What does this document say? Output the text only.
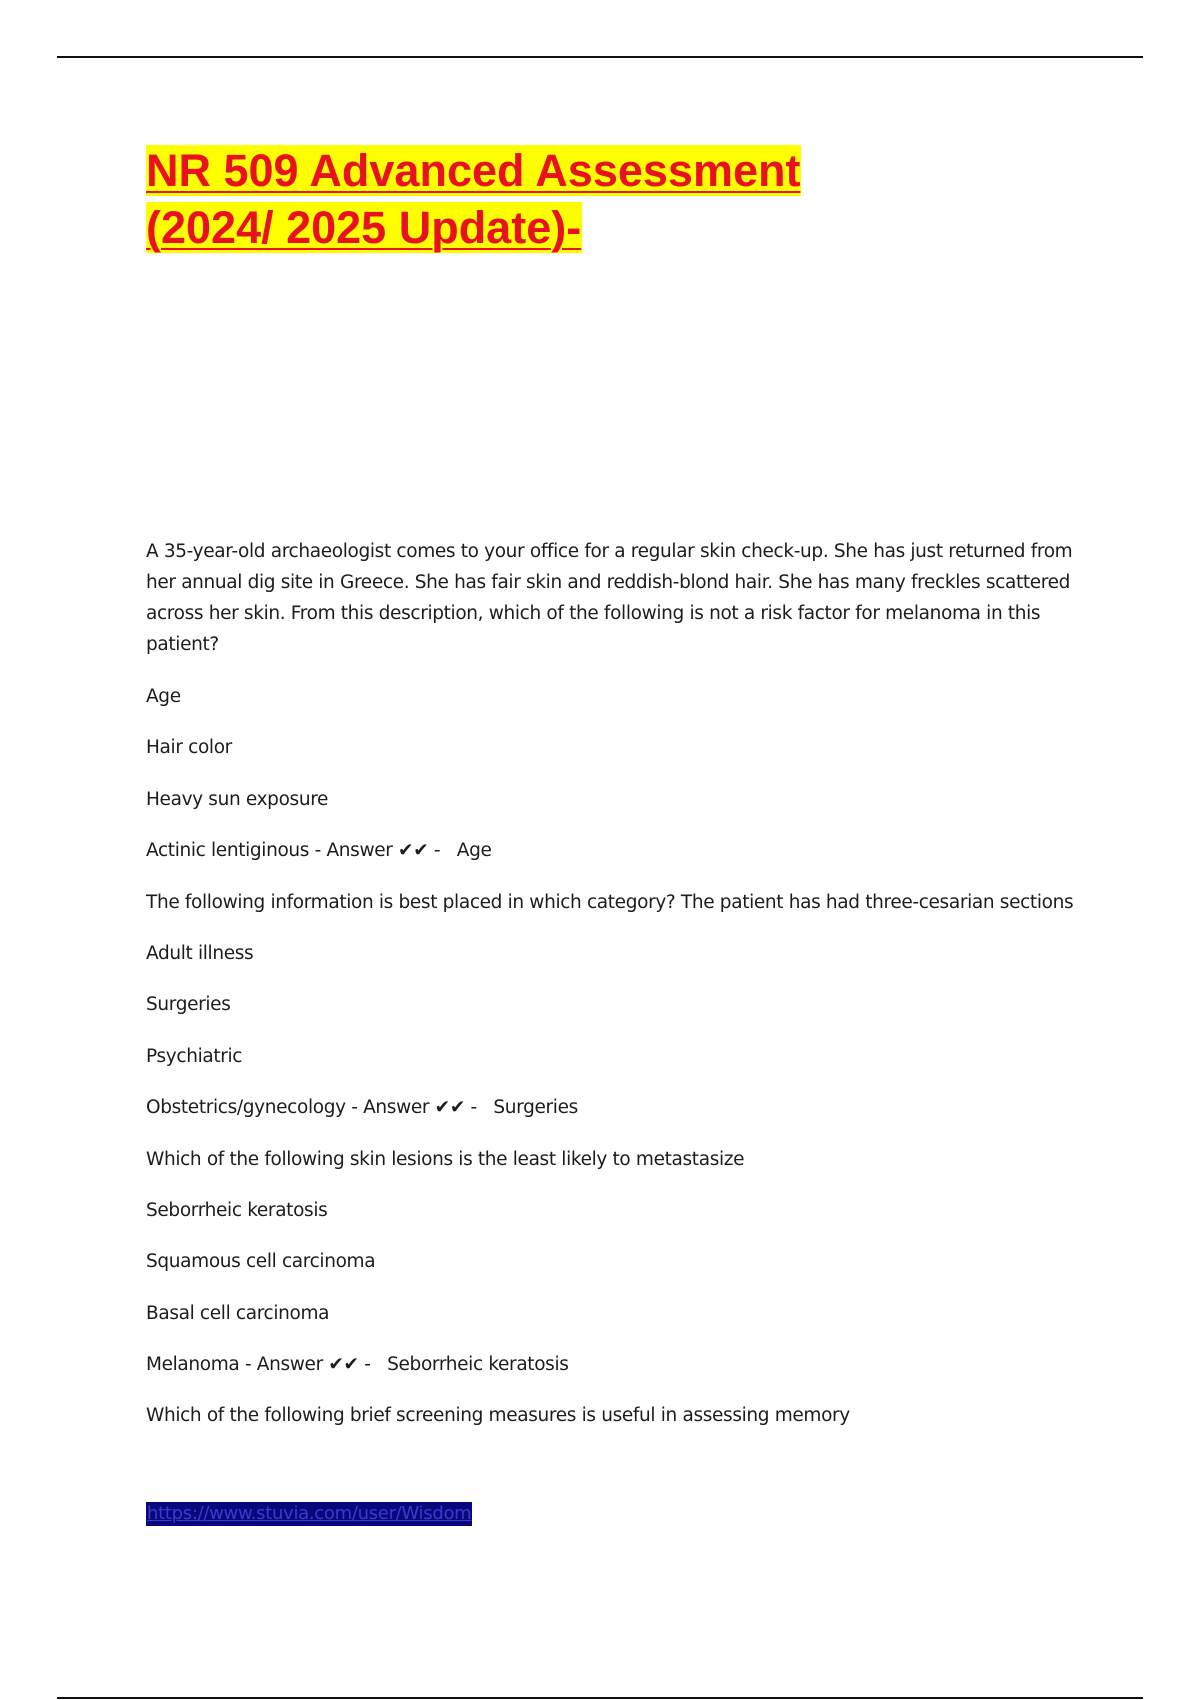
NR 509 Advanced Assessment
(2024/ 2025 Update)-

A 35-year-old archaeologist comes to your office for a regular skin check-up. She has just returned from her annual dig site in Greece. She has fair skin and reddish-blond hair. She has many freckles scattered across her skin. From this description, which of the following is not a risk factor for melanoma in this patient?

Age

Hair color

Heavy sun exposure

Actinic lentiginous - Answer ✔✔ -   Age

The following information is best placed in which category? The patient has had three-cesarian sections

Adult illness

Surgeries

Psychiatric

Obstetrics/gynecology - Answer ✔✔ -   Surgeries

Which of the following skin lesions is the least likely to metastasize

Seborrheic keratosis

Squamous cell carcinoma

Basal cell carcinoma

Melanoma - Answer ✔✔ -   Seborrheic keratosis

Which of the following brief screening measures is useful in assessing memory

https://www.stuvia.com/user/Wisdom
